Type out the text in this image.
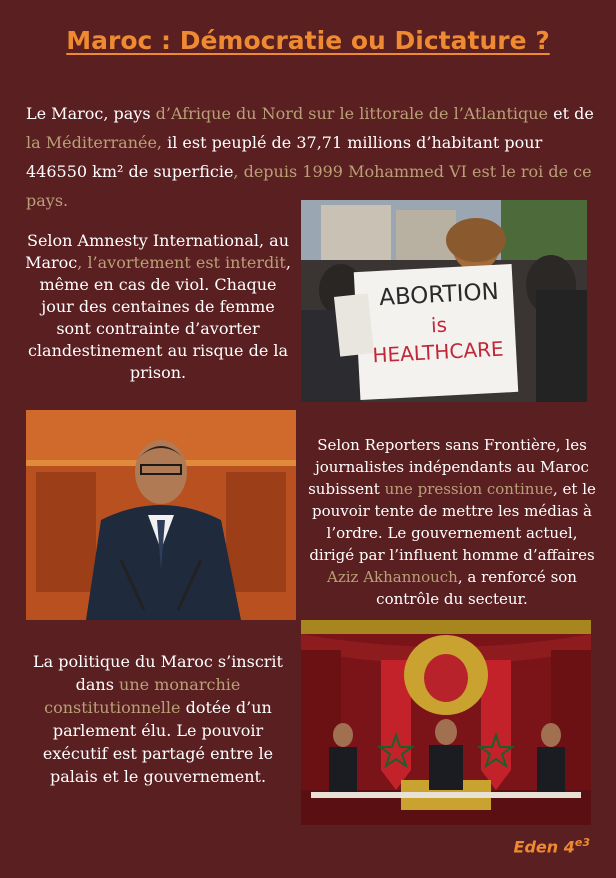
Maroc : Démocratie ou Dictature ?

Le Maroc, pays d’Afrique du Nord sur le littorale de l’Atlantique et de la Méditerranée, il est peuplé de 37,71 millions d’habitant pour 446550 km² de superficie, depuis 1999 Mohammed VI est le roi de ce pays.

Selon Amnesty International, au Maroc, l’avortement est interdit, même en cas de viol. Chaque jour des centaines de femme sont contrainte d’avorter clandestinement au risque de la prison.
ABORTION
is
HEALTHCARE
Selon Reporters sans Frontière, les journalistes indépendants au Maroc subissent une pression continue, et le pouvoir tente de mettre les médias à l’ordre. Le gouvernement actuel, dirigé par l’influent homme d’affaires Aziz Akhannouch, a renforcé son contrôle du secteur.
La politique du Maroc s’inscrit dans une monarchie constitutionnelle dotée d’un parlement élu. Le pouvoir exécutif est partagé entre le palais et le gouvernement.
Eden $4^{e3}$
